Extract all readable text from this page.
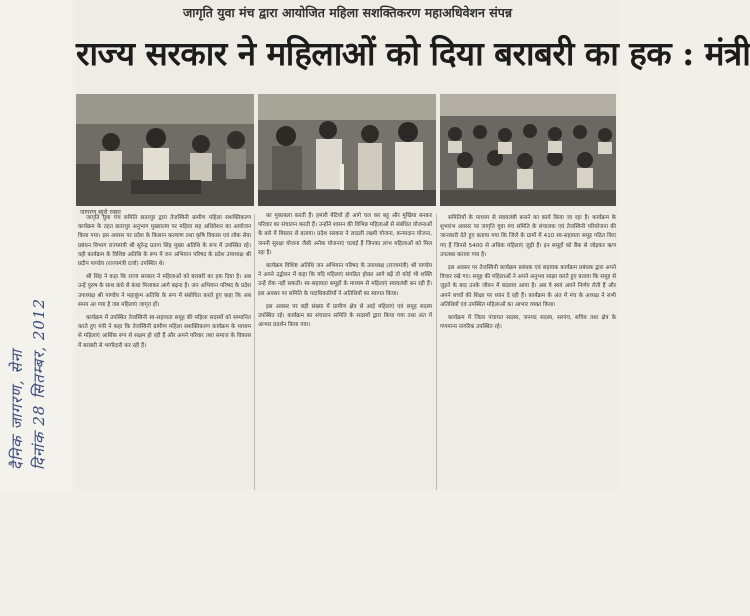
दैनिक जागरण, सेना दिनांक 28 सितम्बर, 2012
जागृति युवा मंच द्वारा आयोजित महिला सशक्तिकरण महाअधिवेशन संपन्न
राज्य सरकार ने महिलाओं को दिया बराबरी का हक : मंत्री
जागरण ब्यूरो रक्सा

जागृति युवा मंच समिति छतरपुर द्वारा तेजस्विनी ग्रामीण महिला सशक्तिकरण कार्यक्रम के तहत छतरपुर अनुभाग मुख्यालय पर महिला सह अधिवेशन का आयोजन किया गया। इस अवसर पर प्रदेश के किसान कल्याण तथा कृषि विकास एवं लोक सेवा प्रबंधन विभाग राज्यमंत्री श्री सुरेन्द्र प्रताप सिंह मुख्य अतिथि के रूप में उपस्थित रहे। वही कार्यक्रम के विशिष्ट अतिथि के रूप में जन अभियान परिषद के प्रदेश उपाध्यक्ष श्री प्रदीप पाण्डेय (राज्यमंत्री दर्जा) उपस्थित थे।

श्री सिंह ने कहा कि राज्य सरकार ने महिलाओं को बराबरी का हक दिया है। अब उन्हें पुरुष के साथ कंधे से कंधा मिलाकर आगे बढ़ना है। जन अभियान परिषद के प्रदेश उपाध्यक्ष श्री पाण्डेय ने महाकुंभ अतिथि के रूप में संबोधित करते हुए कहा कि अब समय आ गया है जब महिलाएं जागृत हों।

कार्यक्रम में उपस्थित तेजस्विनी स्व-सहायता समूह की महिला सदस्यों को सम्मानित करते हुए मंत्री ने कहा कि तेजस्विनी ग्रामीण महिला सशक्तिकरण कार्यक्रम के माध्यम से महिलाएं आर्थिक रूप से सक्षम हो रही हैं और अपने परिवार तथा समाज के विकास में बराबरी से भागीदारी कर रही हैं।

का मुकाबला करती हैं। हमारी बेटियों ही आगे चल कर बहू और मुखिया बनकर परिवार का संचालन करती हैं। उन्होंने शासन की विभिन्न महिलाओं से संबंधित योजनाओं के बारे में विस्तार से बताया। प्रदेश सरकार ने लाडली लक्ष्मी योजना, कन्यादान योजना, जननी सुरक्षा योजना जैसी अनेक योजनाएं चलाई हैं जिनका लाभ महिलाओं को मिल रहा है।

कार्यक्रम विशिष्ट अतिथि जन अभियान परिषद के उपाध्यक्ष (राज्यमंत्री) श्री पाण्डेय ने अपने उद्बोधन में कहा कि यदि महिलाएं संगठित होकर आगे बढ़ें तो कोई भी शक्ति उन्हें रोक नहीं सकती। स्व-सहायता समूहों के माध्यम से महिलाएं स्वावलंबी बन रही हैं। इस अवसर पर समिति के पदाधिकारियों ने अतिथियों का स्वागत किया।

इस अवसर पर बड़ी संख्या में ग्रामीण क्षेत्र से आई महिलाएं एवं समूह सदस्य उपस्थित रहे। कार्यक्रम का संचालन समिति के सदस्यों द्वारा किया गया तथा अंत में आभार प्रदर्शन किया गया।

समितियों के माध्यम से स्वावलंबी बनाने का कार्य किया जा रहा है। कार्यक्रम के शुभारंभ अवसर पर जागृति युवा मंच समिति के संचालक एवं तेजस्विनी परियोजना की जानकारी देते हुए बताया गया कि जिले के ग्रामों में 410 स्व-सहायता समूह गठित किए गए हैं जिनसे 5400 से अधिक महिलाएं जुड़ी हैं। इन समूहों को बैंक से जोड़कर ऋण उपलब्ध कराया गया है।

इस अवसर पर तेजस्विनी कार्यक्रम प्रबंधक एवं सहायक कार्यक्रम प्रबंधक द्वारा अपने विचार रखे गए। समूह की महिलाओं ने अपने अनुभव साझा करते हुए बताया कि समूह से जुड़ने के बाद उनके जीवन में बदलाव आया है। अब वे स्वयं अपने निर्णय लेती हैं और अपने बच्चों की शिक्षा पर ध्यान दे रही हैं। कार्यक्रम के अंत में मंच के अध्यक्ष ने सभी अतिथियों एवं उपस्थित महिलाओं का आभार व्यक्त किया।

कार्यक्रम में जिला पंचायत सदस्य, जनपद सदस्य, सरपंच, सचिव तथा क्षेत्र के गणमान्य नागरिक उपस्थित रहे।
